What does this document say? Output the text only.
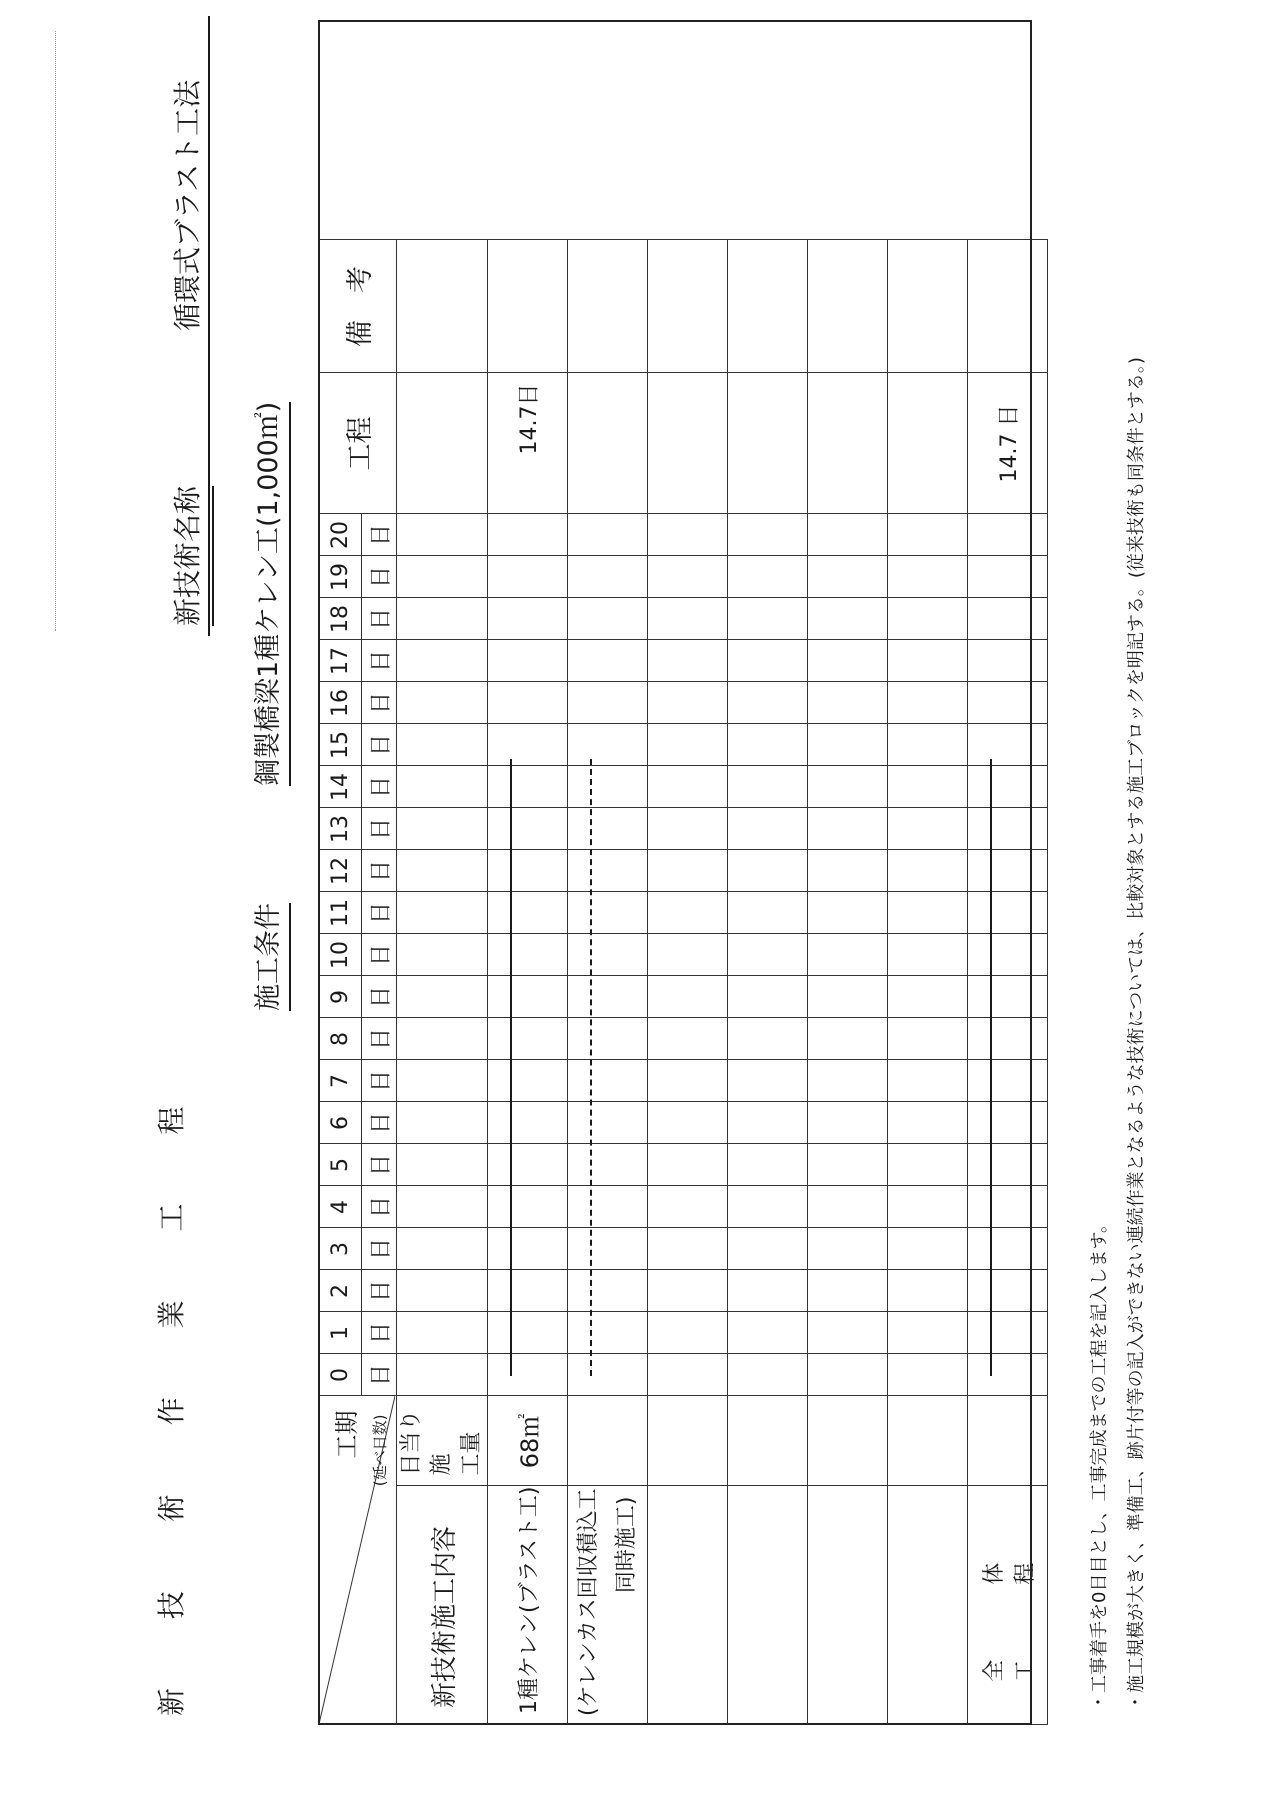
新 技 術 作 業 工 程
新技術名称
循環式ブラスト工法
施工条件
鋼製橋梁1種ケレン工(1,000㎡)
工期 (延べ日数)		0	1	2	3	4	5	6	7	8	9	10	11	12	13	14	15	16	17	18	19	20	工程	備　考
		日	日	日	日	日	日	日	日	日	日	日	日	日	日	日	日	日	日	日	日	日		
新技術施工内容	日当り施 工量																							

1種ケレン(ブラスト工)	68㎡																						14.7日	

(ケレンカス回収積込工 同時施工)																								

全 体 工 程																							14.7 日	
・工事着手を0日目とし、工事完成までの工程を記入します。 ・施工規模が大きく、準備工、跡片付等の記入ができない連続作業となるような技術については、比較対象とする施工ブロックを明記する。(従来技術も同条件とする。)
